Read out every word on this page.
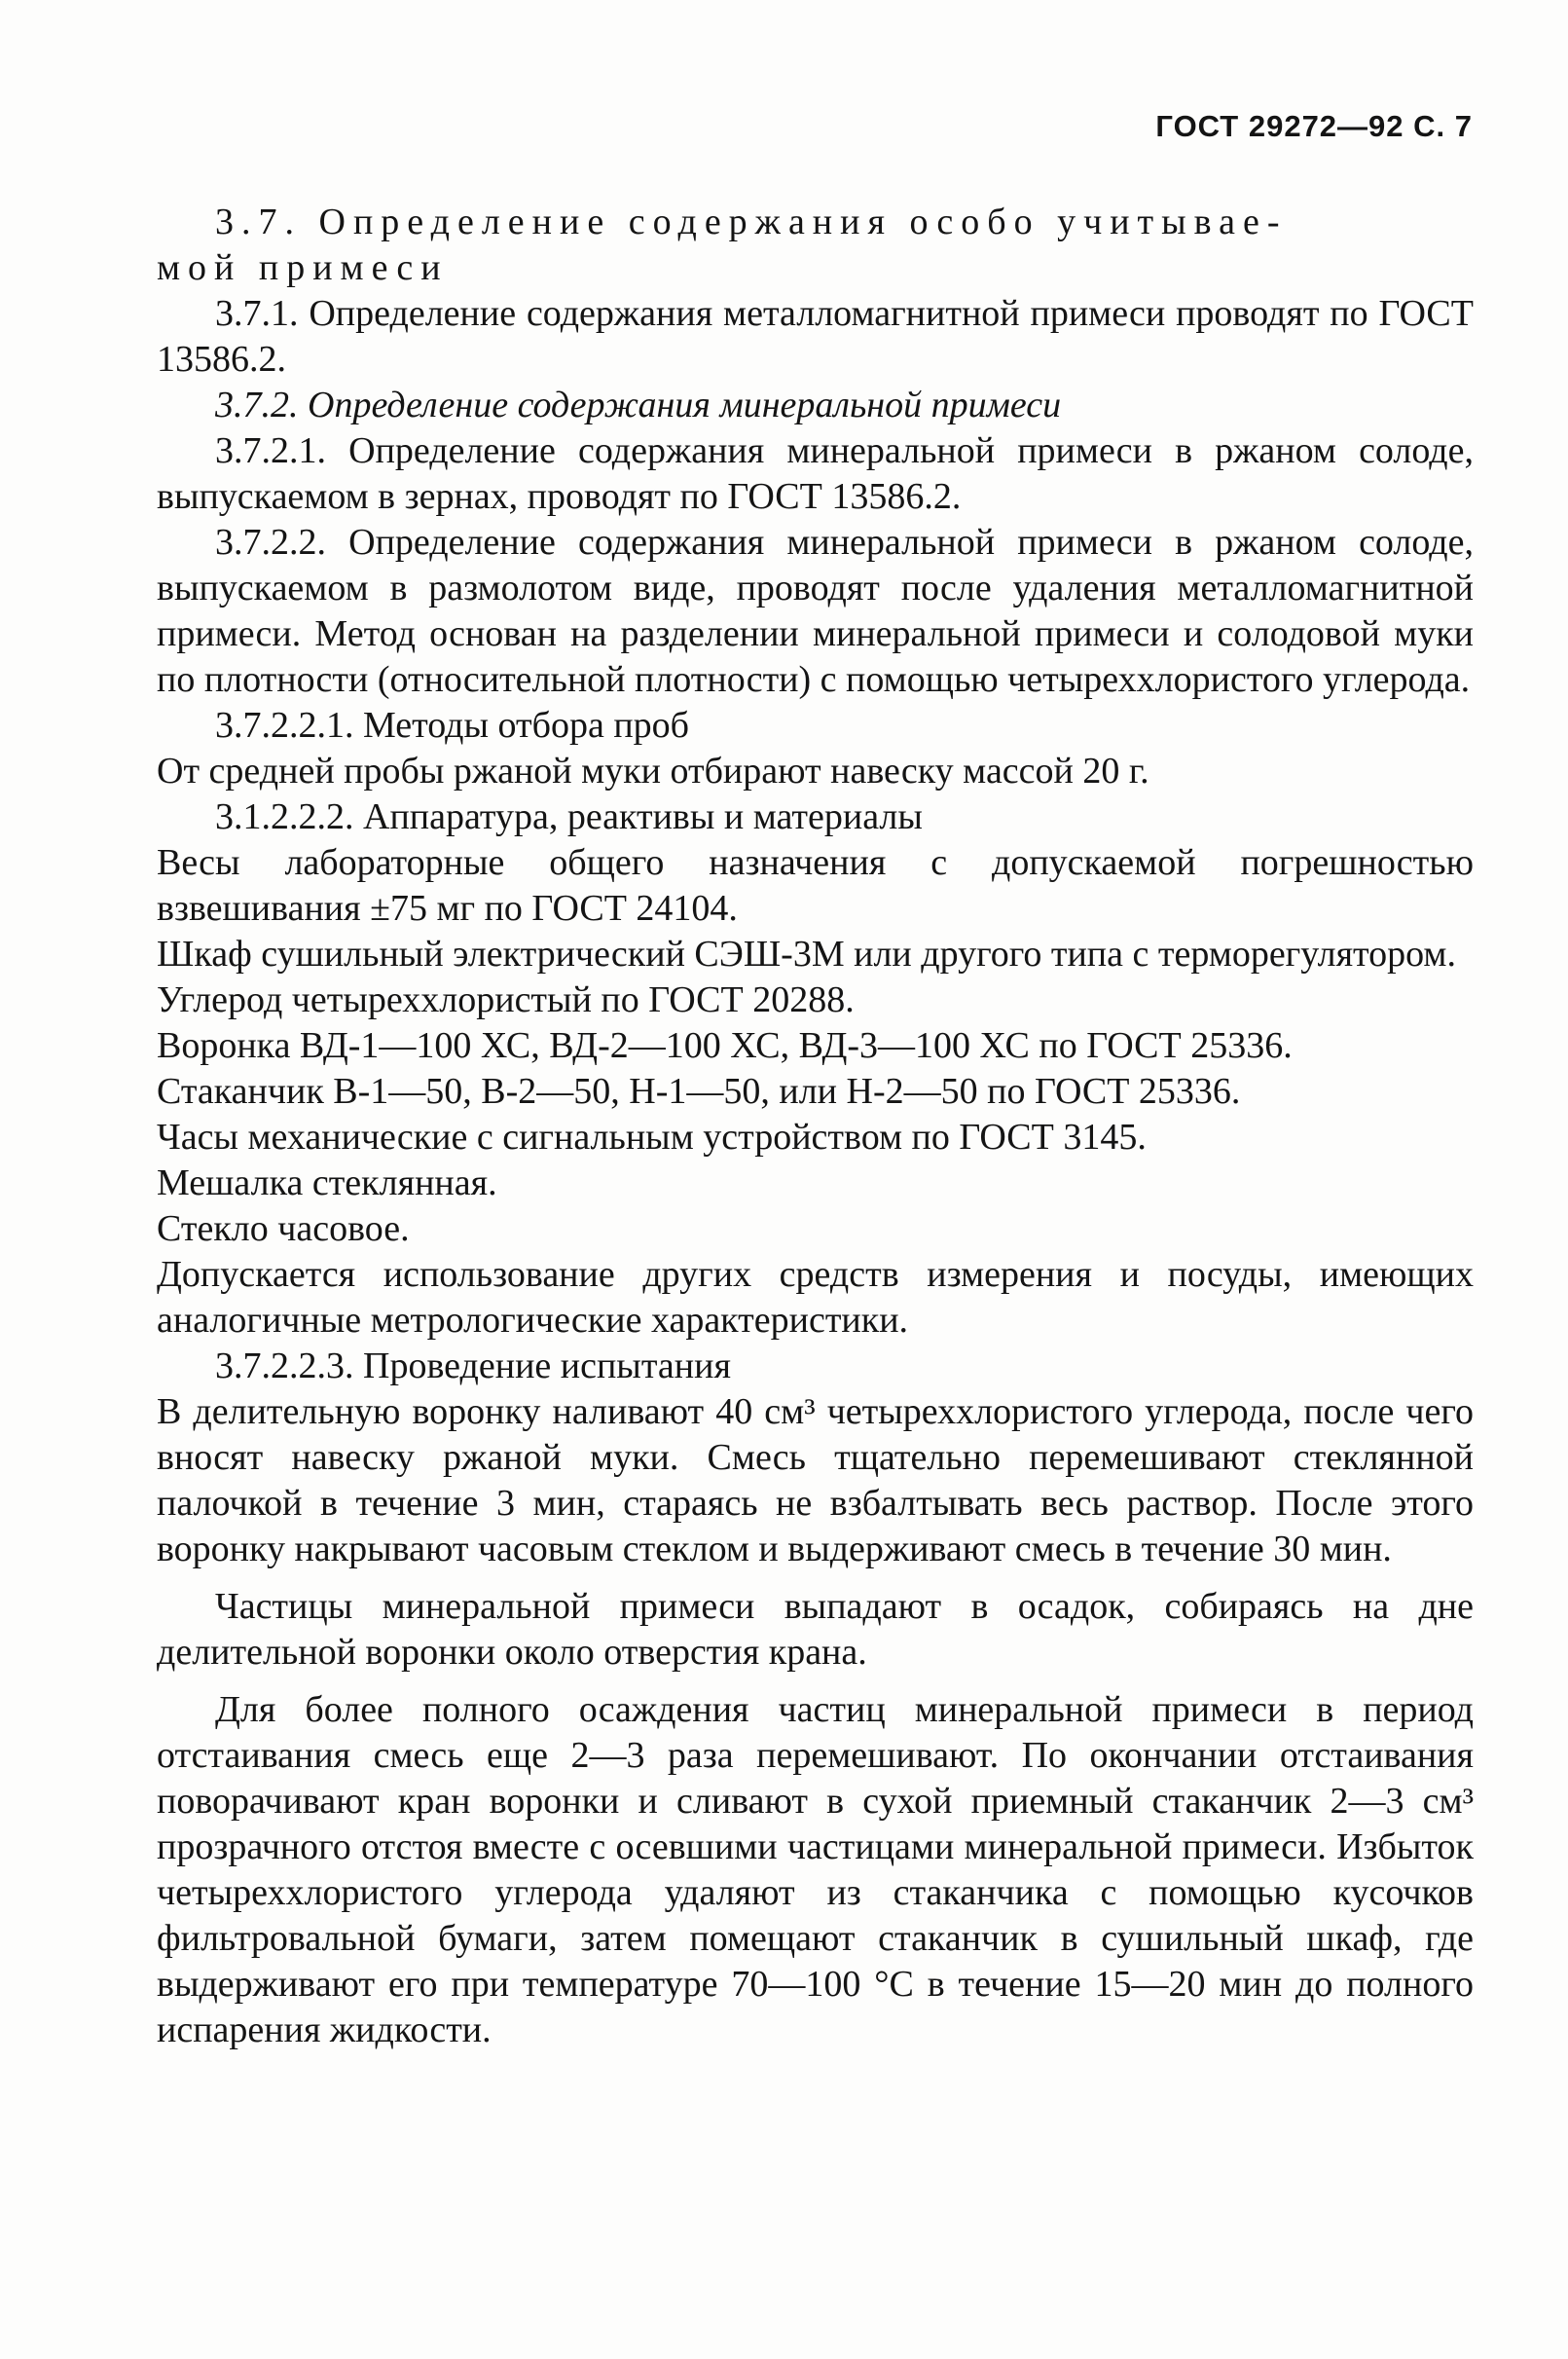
ГОСТ 29272—92 С. 7

3.7. Определение содержания особо учитывае-

мой примеси

3.7.1. Определение содержания металломагнитной примеси проводят по ГОСТ 13586.2.

3.7.2. Определение содержания минеральной примеси

3.7.2.1. Определение содержания минеральной примеси в ржаном солоде, выпускаемом в зернах, проводят по ГОСТ 13586.2.

3.7.2.2. Определение содержания минеральной примеси в ржаном солоде, выпускаемом в размолотом виде, проводят после удаления металломагнитной примеси. Метод основан на разделении минеральной примеси и солодовой муки по плотности (относительной плотности) с помощью четыреххлористого углерода.

3.7.2.2.1. Методы отбора проб

От средней пробы ржаной муки отбирают навеску массой 20 г.

3.1.2.2.2. Аппаратура, реактивы и материалы

Весы лабораторные общего назначения с допускаемой погрешностью взвешивания ±75 мг по ГОСТ 24104.

Шкаф сушильный электрический СЭШ-3М или другого типа с терморегулятором.

Углерод четыреххлористый по ГОСТ 20288.

Воронка ВД-1—100 ХС, ВД-2—100 ХС, ВД-3—100 ХС по ГОСТ 25336.

Стаканчик В-1—50, В-2—50, Н-1—50, или Н-2—50 по ГОСТ 25336.

Часы механические с сигнальным устройством по ГОСТ 3145.

Мешалка стеклянная.

Стекло часовое.

Допускается использование других средств измерения и посуды, имеющих аналогичные метрологические характеристики.

3.7.2.2.3. Проведение испытания

В делительную воронку наливают 40 см³ четыреххлористого углерода, после чего вносят навеску ржаной муки. Смесь тщательно перемешивают стеклянной палочкой в течение 3 мин, стараясь не взбалтывать весь раствор. После этого воронку накрывают часовым стеклом и выдерживают смесь в течение 30 мин.

Частицы минеральной примеси выпадают в осадок, собираясь на дне делительной воронки около отверстия крана.

Для более полного осаждения частиц минеральной примеси в период отстаивания смесь еще 2—3 раза перемешивают. По окончании отстаивания поворачивают кран воронки и сливают в сухой приемный стаканчик 2—3 см³ прозрачного отстоя вместе с осевшими частицами минеральной примеси. Избыток четыреххлористого углерода удаляют из стаканчика с помощью кусочков фильтровальной бумаги, затем помещают стаканчик в сушильный шкаф, где выдерживают его при температуре 70—100 °С в течение 15—20 мин до полного испарения жидкости.
